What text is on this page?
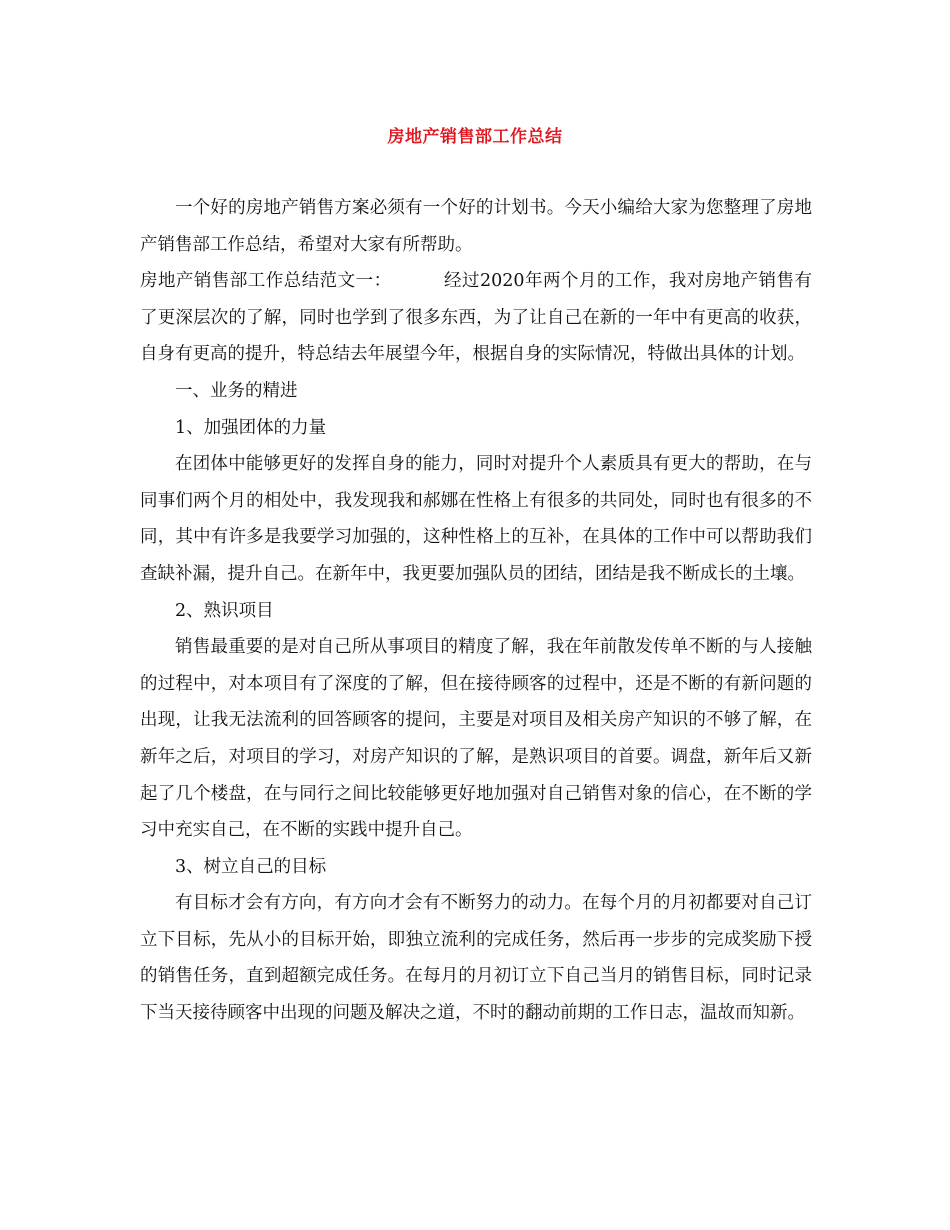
房地产销售部工作总结

一个好的房地产销售方案必须有一个好的计划书。今天小编给大家为您整理了房地产销售部工作总结，希望对大家有所帮助。

房地产销售部工作总结范文一：	经过2020年两个月的工作，我对房地产销售有了更深层次的了解，同时也学到了很多东西，为了让自己在新的一年中有更高的收获，自身有更高的提升，特总结去年展望今年，根据自身的实际情况，特做出具体的计划。

一、业务的精进

1、加强团体的力量

在团体中能够更好的发挥自身的能力，同时对提升个人素质具有更大的帮助，在与同事们两个月的相处中，我发现我和郝娜在性格上有很多的共同处，同时也有很多的不同，其中有许多是我要学习加强的，这种性格上的互补，在具体的工作中可以帮助我们查缺补漏，提升自己。在新年中，我更要加强队员的团结，团结是我不断成长的土壤。

2、熟识项目

销售最重要的是对自己所从事项目的精度了解，我在年前散发传单不断的与人接触的过程中，对本项目有了深度的了解，但在接待顾客的过程中，还是不断的有新问题的出现，让我无法流利的回答顾客的提问，主要是对项目及相关房产知识的不够了解，在新年之后，对项目的学习，对房产知识的了解，是熟识项目的首要。调盘，新年后又新起了几个楼盘，在与同行之间比较能够更好地加强对自己销售对象的信心，在不断的学习中充实自己，在不断的实践中提升自己。

3、树立自己的目标

有目标才会有方向，有方向才会有不断努力的动力。在每个月的月初都要对自己订立下目标，先从小的目标开始，即独立流利的完成任务，然后再一步步的完成奖励下授的销售任务，直到超额完成任务。在每月的月初订立下自己当月的销售目标，同时记录下当天接待顾客中出现的问题及解决之道，不时的翻动前期的工作日志，温故而知新。
